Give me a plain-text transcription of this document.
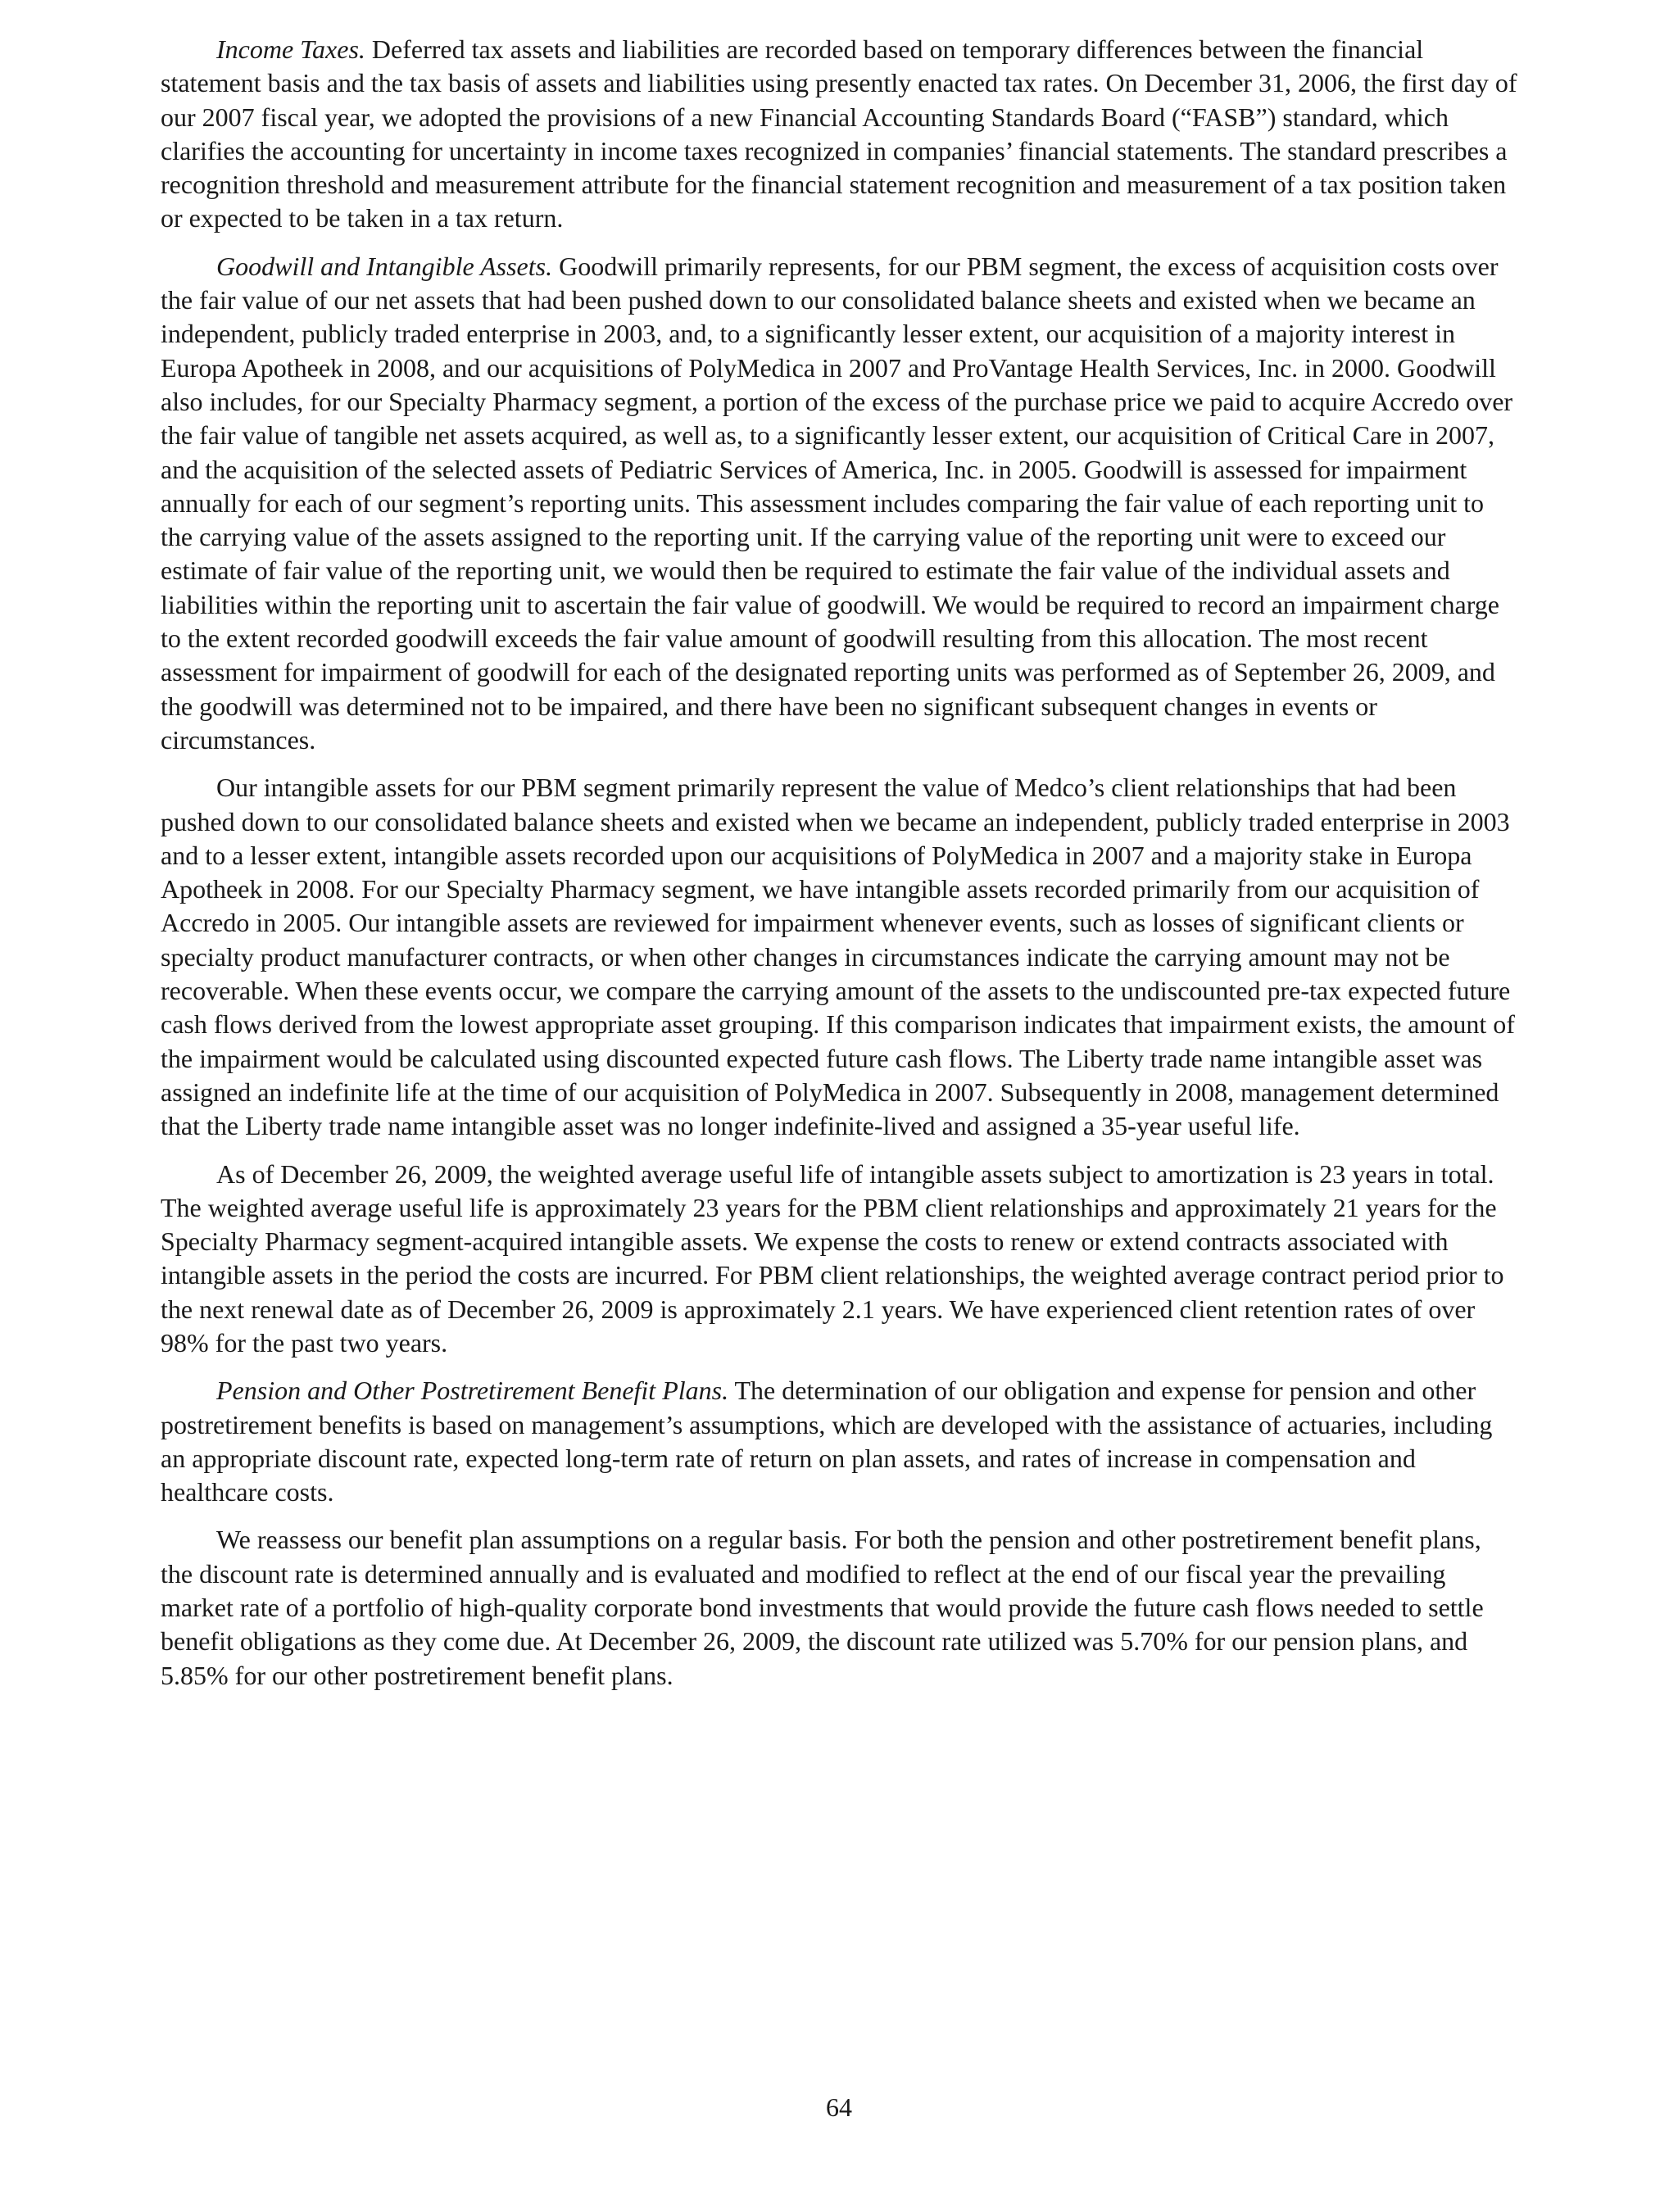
Income Taxes. Deferred tax assets and liabilities are recorded based on temporary differences between the financial statement basis and the tax basis of assets and liabilities using presently enacted tax rates. On December 31, 2006, the first day of our 2007 fiscal year, we adopted the provisions of a new Financial Accounting Standards Board (“FASB”) standard, which clarifies the accounting for uncertainty in income taxes recognized in companies’ financial statements. The standard prescribes a recognition threshold and measurement attribute for the financial statement recognition and measurement of a tax position taken or expected to be taken in a tax return.

Goodwill and Intangible Assets. Goodwill primarily represents, for our PBM segment, the excess of acquisition costs over the fair value of our net assets that had been pushed down to our consolidated balance sheets and existed when we became an independent, publicly traded enterprise in 2003, and, to a significantly lesser extent, our acquisition of a majority interest in Europa Apotheek in 2008, and our acquisitions of PolyMedica in 2007 and ProVantage Health Services, Inc. in 2000. Goodwill also includes, for our Specialty Pharmacy segment, a portion of the excess of the purchase price we paid to acquire Accredo over the fair value of tangible net assets acquired, as well as, to a significantly lesser extent, our acquisition of Critical Care in 2007, and the acquisition of the selected assets of Pediatric Services of America, Inc. in 2005. Goodwill is assessed for impairment annually for each of our segment’s reporting units. This assessment includes comparing the fair value of each reporting unit to the carrying value of the assets assigned to the reporting unit. If the carrying value of the reporting unit were to exceed our estimate of fair value of the reporting unit, we would then be required to estimate the fair value of the individual assets and liabilities within the reporting unit to ascertain the fair value of goodwill. We would be required to record an impairment charge to the extent recorded goodwill exceeds the fair value amount of goodwill resulting from this allocation. The most recent assessment for impairment of goodwill for each of the designated reporting units was performed as of September 26, 2009, and the goodwill was determined not to be impaired, and there have been no significant subsequent changes in events or circumstances.

Our intangible assets for our PBM segment primarily represent the value of Medco’s client relationships that had been pushed down to our consolidated balance sheets and existed when we became an independent, publicly traded enterprise in 2003 and to a lesser extent, intangible assets recorded upon our acquisitions of PolyMedica in 2007 and a majority stake in Europa Apotheek in 2008. For our Specialty Pharmacy segment, we have intangible assets recorded primarily from our acquisition of Accredo in 2005. Our intangible assets are reviewed for impairment whenever events, such as losses of significant clients or specialty product manufacturer contracts, or when other changes in circumstances indicate the carrying amount may not be recoverable. When these events occur, we compare the carrying amount of the assets to the undiscounted pre-tax expected future cash flows derived from the lowest appropriate asset grouping. If this comparison indicates that impairment exists, the amount of the impairment would be calculated using discounted expected future cash flows. The Liberty trade name intangible asset was assigned an indefinite life at the time of our acquisition of PolyMedica in 2007. Subsequently in 2008, management determined that the Liberty trade name intangible asset was no longer indefinite-lived and assigned a 35-year useful life.

As of December 26, 2009, the weighted average useful life of intangible assets subject to amortization is 23 years in total. The weighted average useful life is approximately 23 years for the PBM client relationships and approximately 21 years for the Specialty Pharmacy segment-acquired intangible assets. We expense the costs to renew or extend contracts associated with intangible assets in the period the costs are incurred. For PBM client relationships, the weighted average contract period prior to the next renewal date as of December 26, 2009 is approximately 2.1 years. We have experienced client retention rates of over 98% for the past two years.

Pension and Other Postretirement Benefit Plans. The determination of our obligation and expense for pension and other postretirement benefits is based on management’s assumptions, which are developed with the assistance of actuaries, including an appropriate discount rate, expected long-term rate of return on plan assets, and rates of increase in compensation and healthcare costs.

We reassess our benefit plan assumptions on a regular basis. For both the pension and other postretirement benefit plans, the discount rate is determined annually and is evaluated and modified to reflect at the end of our fiscal year the prevailing market rate of a portfolio of high-quality corporate bond investments that would provide the future cash flows needed to settle benefit obligations as they come due. At December 26, 2009, the discount rate utilized was 5.70% for our pension plans, and 5.85% for our other postretirement benefit plans.

64
